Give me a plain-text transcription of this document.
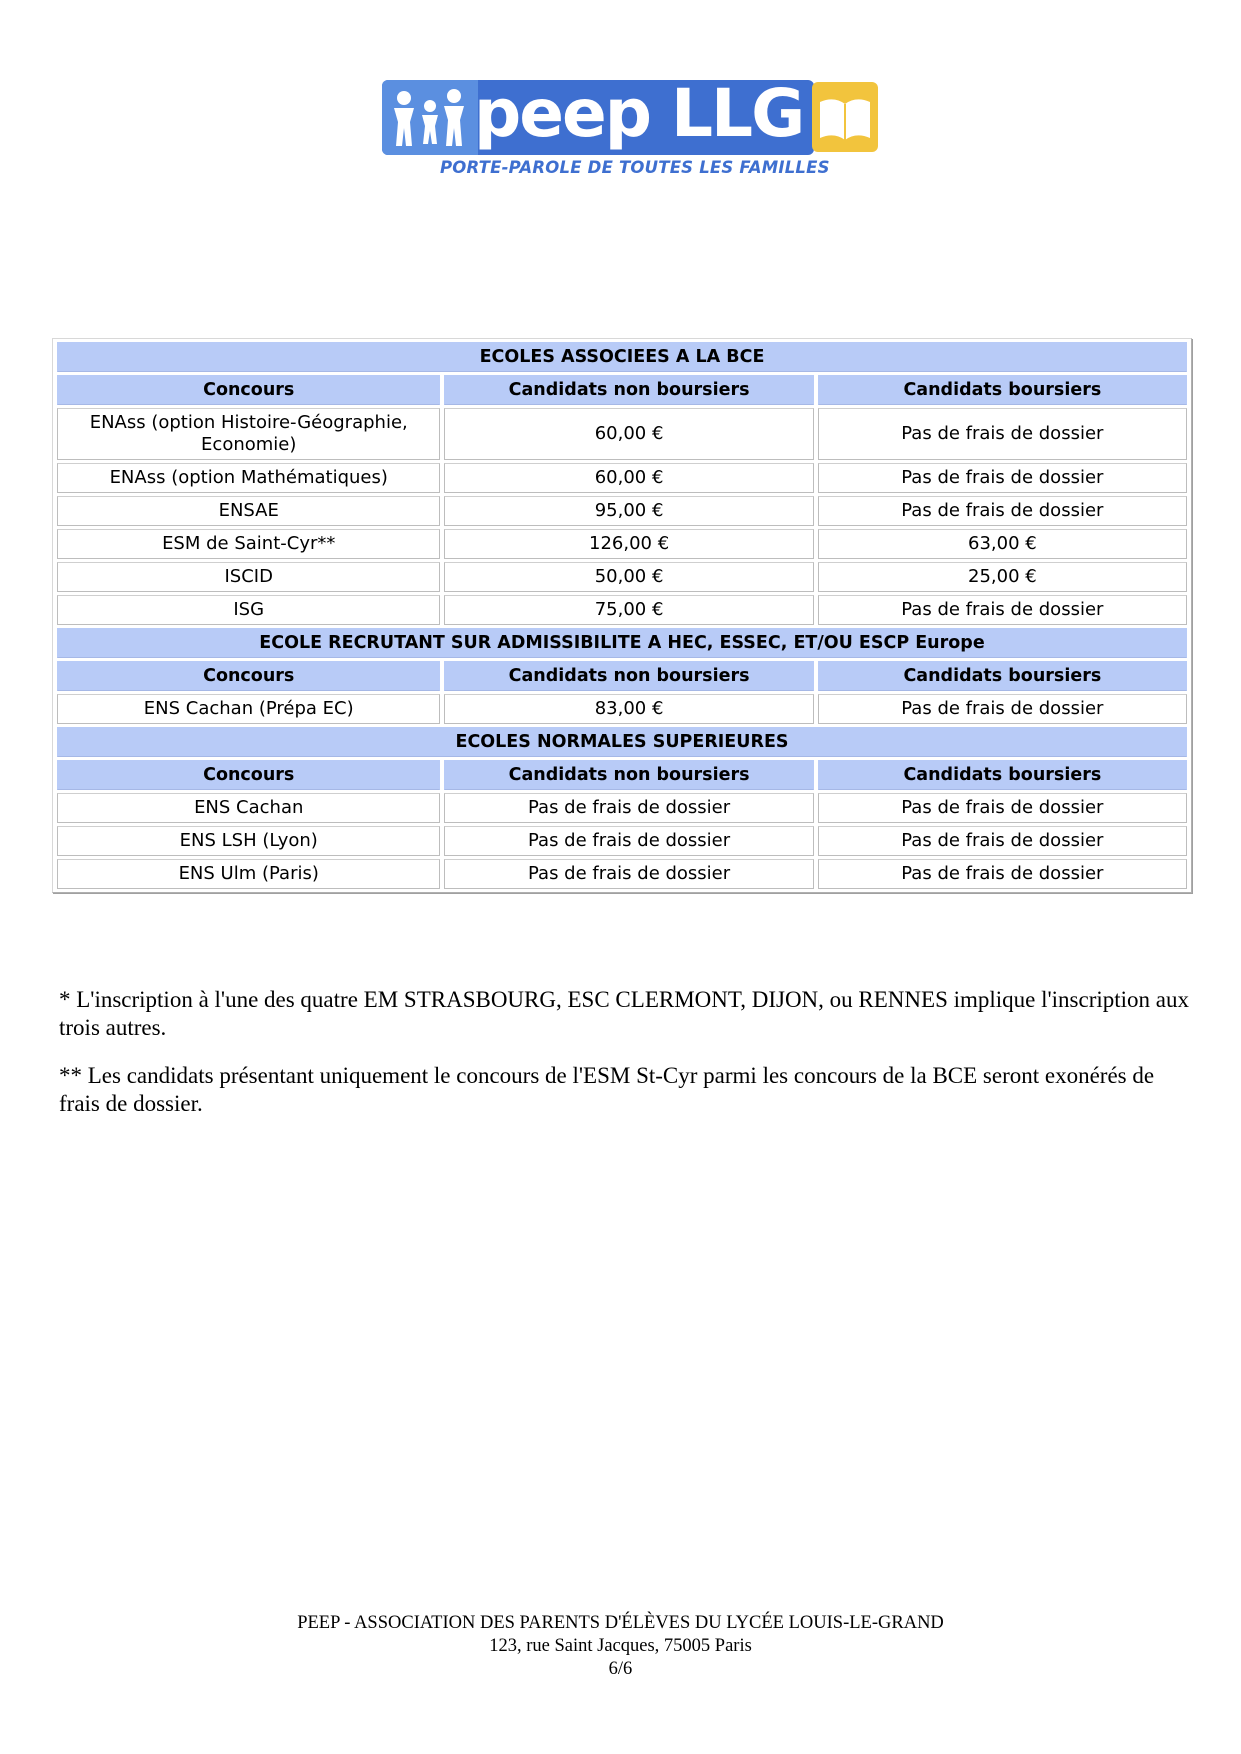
peep LLG
PORTE-PAROLE DE TOUTES LES FAMILLES
ECOLES ASSOCIEES A LA BCE		
Concours	Candidats non boursiers	Candidats boursiers
ENAss (option Histoire-Géographie, Economie)	60,00 €	Pas de frais de dossier
ENAss (option Mathématiques)	60,00 €	Pas de frais de dossier
ENSAE	95,00 €	Pas de frais de dossier
ESM de Saint-Cyr**	126,00 €	63,00 €
ISCID	50,00 €	25,00 €
ISG	75,00 €	Pas de frais de dossier
ECOLE RECRUTANT SUR ADMISSIBILITE A HEC, ESSEC, ET/OU ESCP Europe		
Concours	Candidats non boursiers	Candidats boursiers
ENS Cachan (Prépa EC)	83,00 €	Pas de frais de dossier
ECOLES NORMALES SUPERIEURES		
Concours	Candidats non boursiers	Candidats boursiers
ENS Cachan	Pas de frais de dossier	Pas de frais de dossier
ENS LSH (Lyon)	Pas de frais de dossier	Pas de frais de dossier
ENS Ulm (Paris)	Pas de frais de dossier	Pas de frais de dossier

* L'inscription à l'une des quatre EM STRASBOURG, ESC CLERMONT, DIJON, ou RENNES implique l'inscription aux trois autres.

** Les candidats présentant uniquement le concours de l'ESM St-Cyr parmi les concours de la BCE seront exonérés de frais de dossier.

PEEP - ASSOCIATION DES PARENTS D'ÉLÈVES DU LYCÉE LOUIS-LE-GRAND
123, rue Saint Jacques, 75005 Paris
6/6
